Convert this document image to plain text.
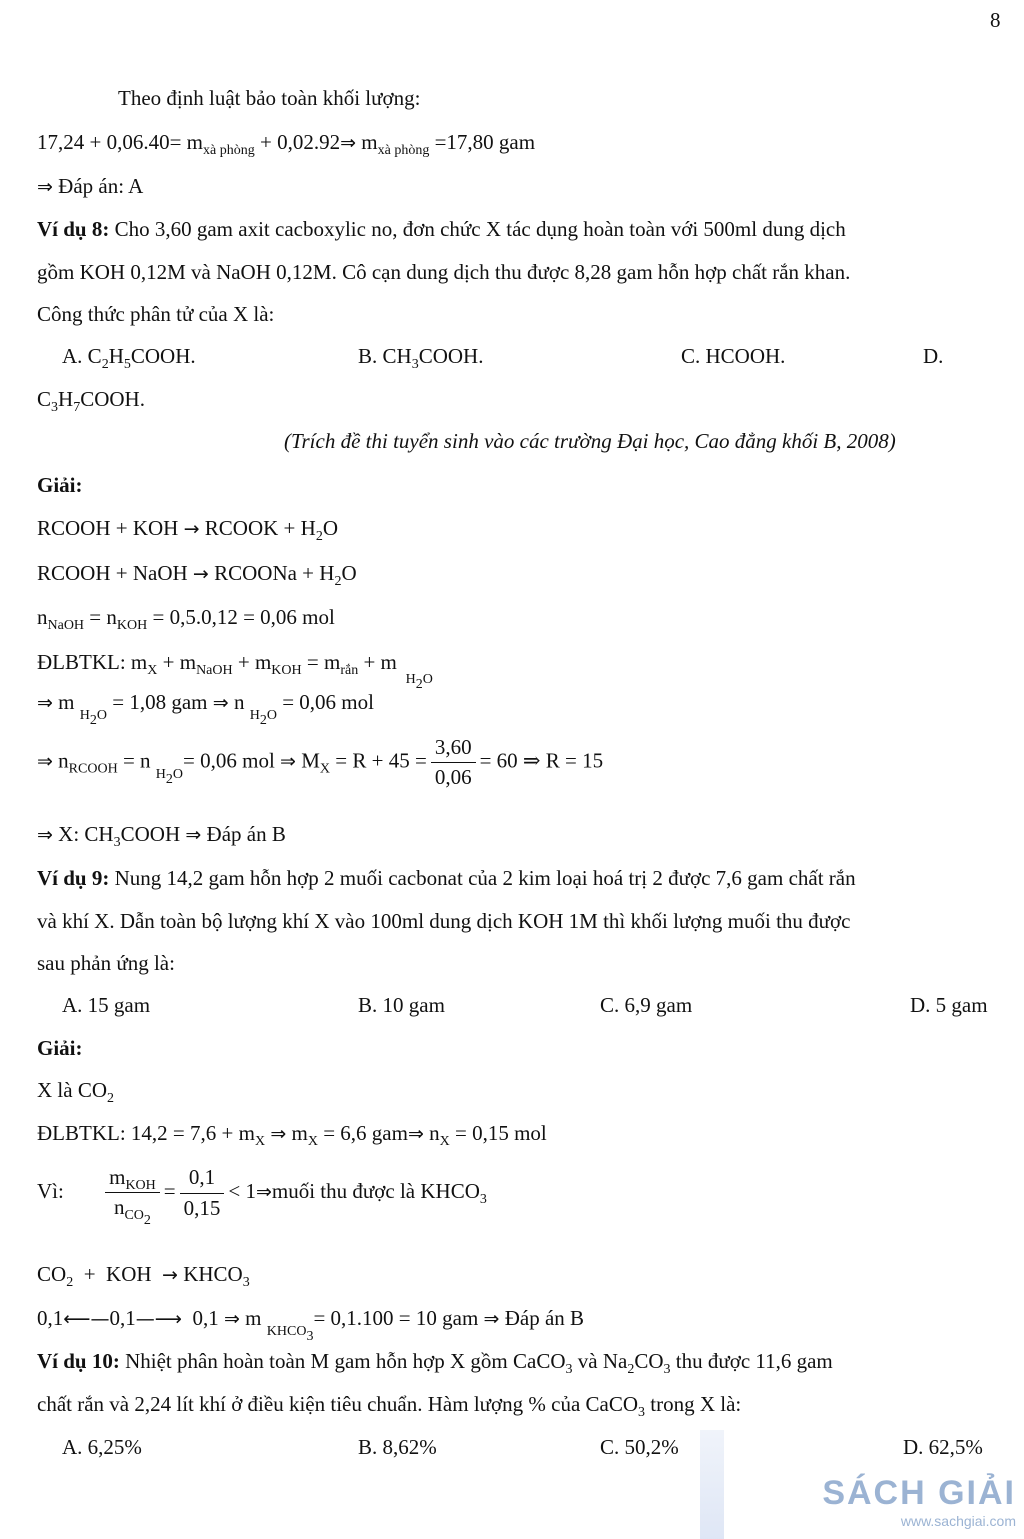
8
Theo định luật bảo toàn khối lượng:
$17,24 + 0,06.40= m_{xà phòng}$ + 0,02.92⇒ $m_{xà phòng} =17,80$ gam
⇒ Đáp án: A
Ví dụ 8: Cho 3,60 gam axit cacboxylic no, đơn chức X tác dụng hoàn toàn với 500ml dung dịch
gồm KOH 0,12M và NaOH 0,12M. Cô cạn dung dịch thu được 8,28 gam hỗn hợp chất rắn khan.
Công thức phân tử của X là:
A. $C_2H_5COOH$.	B. $CH_3COOH$.	C. HCOOH.	D.
$C_3H_7COOH$.
(Trích đề thi tuyển sinh vào các trường Đại học, Cao đẳng khối B, 2008)
Giải:
RCOOH + KOH → RCOOK + $H_2O$
RCOOH + NaOH → RCOONa + $H_2O$
$n_{NaOH} = n_{KOH} = 0,5.0,12 = 0,06$ mol
ĐLBTKL: $m_X + m_{NaOH} + m_{KOH} = m_{rắn} + m$  $_{H_2O}$
⇒ m $_{H_2O}$ = 1,08 gam ⇒ n $_{H_2O}$ = 0,06 mol
⇒ $n_{RCOOH} = n$ $_{H_2O}$= 0,06 mol ⇒ $M_X = R + 45 = \frac{3,60}{0,06} = 60$ ⇒ R = 15
⇒ X: $CH_3COOH$ ⇒ Đáp án B
Ví dụ 9: Nung 14,2 gam hỗn hợp 2 muối cacbonat của 2 kim loại hoá trị 2 được 7,6 gam chất rắn
và khí X. Dẫn toàn bộ lượng khí X vào 100ml dung dịch KOH 1M thì khối lượng muối thu được
sau phản ứng là:
A. 15 gam	B. 10 gam	C. 6,9 gam	D. 5 gam
Giải:
X là $CO_2$
ĐLBTKL: $14,2 = 7,6 + m_X$ ⇒ $m_X = 6,6$ gam⇒ $n_X = 0,15$ mol
Vì: $\frac{m_{KOH}}{n_{CO_2}} = \frac{0,1}{0,15}$ < 1⇒muối thu được là $KHCO_3$
$CO_2$  +  KOH  → $KHCO_3$
0,1⟵—0,1—⟶  0,1 ⇒ m $_{KHCO_3}$= 0,1.100 = 10 gam ⇒ Đáp án B
Ví dụ 10: Nhiệt phân hoàn toàn M gam hỗn hợp X gồm CaCO$_3$ và $Na_2CO_3$ thu được 11,6 gam
chất rắn và 2,24 lít khí ở điều kiện tiêu chuẩn. Hàm lượng % của CaCO$_3$ trong X là:
A. 6,25%	B. 8,62%	C. 50,2%	D. 62,5%
SÁCH GIẢI
www.sachgiai.com
